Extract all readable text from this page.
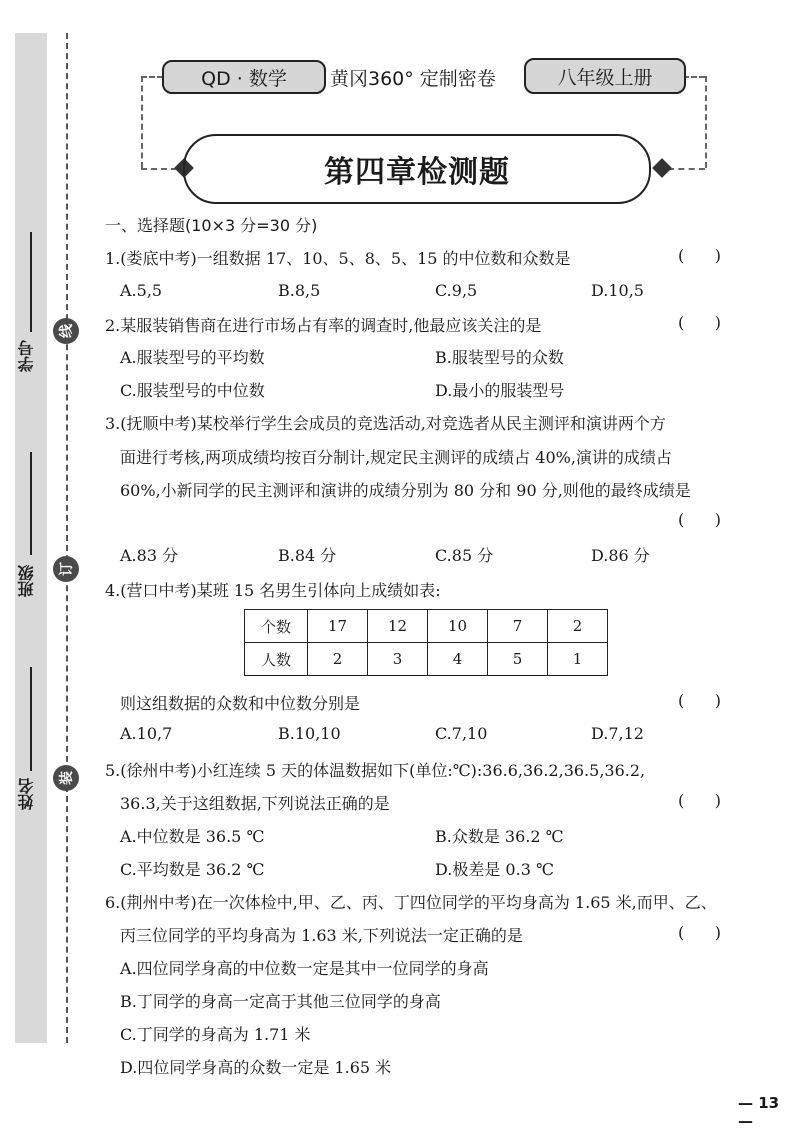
学号
班级
姓名
线
订
装
QD · 数学	黄冈360° 定制密卷	八年级上册
第四章检测题
一、选择题(10×3 分=30 分)
1.(娄底中考)一组数据 17、10、5、8、5、15 的中位数和众数是	(      )
A.5,5	B.8,5	C.9,5	D.10,5
2.某服装销售商在进行市场占有率的调查时,他最应该关注的是	(      )
A.服装型号的平均数	B.服装型号的众数
C.服装型号的中位数	D.最小的服装型号
3.(抚顺中考)某校举行学生会成员的竞选活动,对竞选者从民主测评和演讲两个方
面进行考核,两项成绩均按百分制计,规定民主测评的成绩占 40%,演讲的成绩占
60%,小新同学的民主测评和演讲的成绩分别为 80 分和 90 分,则他的最终成绩是
(      )
A.83 分	B.84 分	C.85 分	D.86 分
4.(营口中考)某班 15 名男生引体向上成绩如表:
个数	17	12	10	7	2
人数	2	3	4	5	1
则这组数据的众数和中位数分别是	(      )
A.10,7	B.10,10	C.7,10	D.7,12
5.(徐州中考)小红连续 5 天的体温数据如下(单位:℃):36.6,36.2,36.5,36.2,
36.3,关于这组数据,下列说法正确的是	(      )
A.中位数是 36.5 ℃	B.众数是 36.2 ℃
C.平均数是 36.2 ℃	D.极差是 0.3 ℃
6.(荆州中考)在一次体检中,甲、乙、丙、丁四位同学的平均身高为 1.65 米,而甲、乙、
丙三位同学的平均身高为 1.63 米,下列说法一定正确的是	(      )
A.四位同学身高的中位数一定是其中一位同学的身高
B.丁同学的身高一定高于其他三位同学的身高
C.丁同学的身高为 1.71 米
D.四位同学身高的众数一定是 1.65 米
— 13 —
